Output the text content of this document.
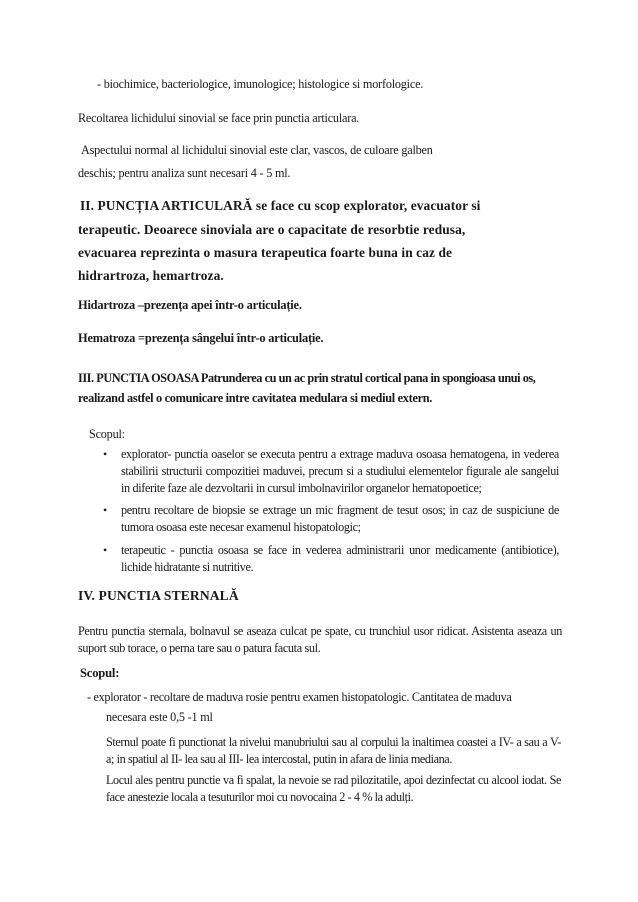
- biochimice, bacteriologice, imunologice; histologice si morfologice.
Recoltarea lichidului sinovial se face prin punctia articulara.
Aspectului normal al lichidului sinovial este clar, vascos, de culoare galben
deschis; pentru analiza sunt necesari 4 - 5 ml.
II. PUNCȚIA ARTICULARĂ se face cu scop explorator, evacuator si
terapeutic. Deoarece sinoviala are o capacitate de resorbtie redusa,
evacuarea reprezinta o masura terapeutica foarte buna in caz de
hidrartroza, hemartroza.
Hidartroza –prezența apei într-o articulație.
Hematroza =prezența sângelui într-o articulație.
III. PUNCTIA OSOASA Patrunderea cu un ac prin stratul cortical pana in spongioasa unui os,
realizand astfel o comunicare intre cavitatea medulara si mediul extern.
Scopul:
• explorator- punctia oaselor se executa pentru a extrage maduva osoasa hematogena, in vederea stabilirii structurii compozitiei maduvei, precum si a studiului elementelor figurale ale sangelui in diferite faze ale dezvoltarii in cursul imbolnavirilor organelor hematopoetice;
• pentru recoltare de biopsie se extrage un mic fragment de tesut osos; in caz de suspiciune de tumora osoasa este necesar examenul histopatologic;
• terapeutic - punctia osoasa se face in vederea administrarii unor medicamente (antibiotice), lichide hidratante si nutritive.
IV. PUNCTIA STERNALĂ
Pentru punctia sternala, bolnavul se aseaza culcat pe spate, cu trunchiul usor ridicat. Asistenta aseaza un suport sub torace, o perna tare sau o patura facuta sul.
Scopul:
- explorator - recoltare de maduva rosie pentru examen histopatologic. Cantitatea de maduva
necesara este 0,5 -1 ml
Sternul poate fi punctionat la nivelui manubriului sau al corpului la inaltimea coastei a IV- a sau a V-a; in spatiul al II- lea sau al III- lea intercostal, putin in afara de linia mediana.
Locul ales pentru punctie va fi spalat, la nevoie se rad pilozitatile, apoi dezinfectat cu alcool iodat. Se face anestezie locala a tesuturilor moi cu novocaina 2 - 4 % la adulți.
